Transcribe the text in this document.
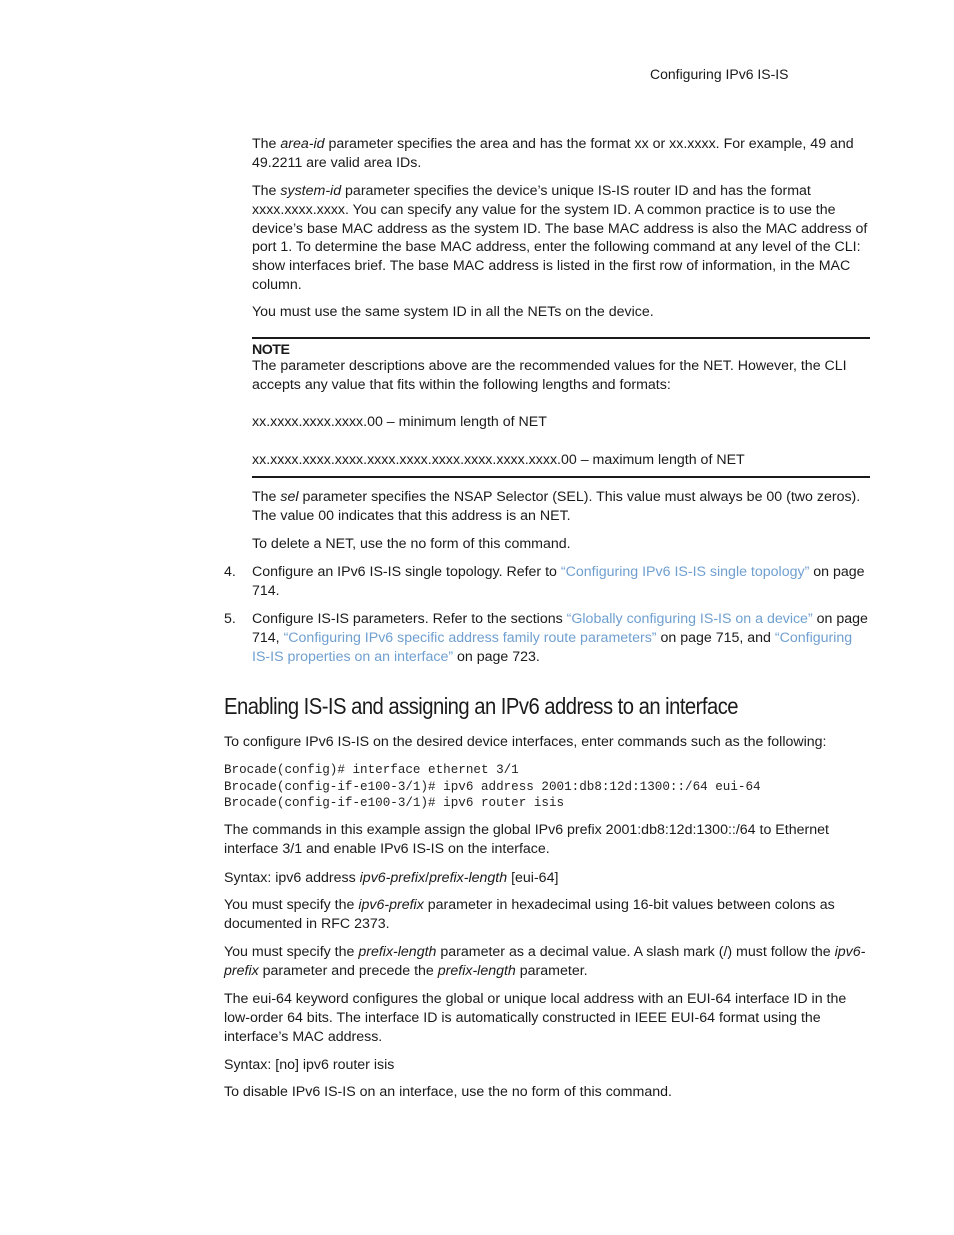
Configuring IPv6 IS-IS

The area-id parameter specifies the area and has the format xx or xx.xxxx. For example, 49 and 49.2211 are valid area IDs.

The system-id parameter specifies the device’s unique IS-IS router ID and has the format xxxx.xxxx.xxxx. You can specify any value for the system ID. A common practice is to use the device’s base MAC address as the system ID. The base MAC address is also the MAC address of port 1. To determine the base MAC address, enter the following command at any level of the CLI: show interfaces brief. The base MAC address is listed in the first row of information, in the MAC column.

You must use the same system ID in all the NETs on the device.

NOTE

The parameter descriptions above are the recommended values for the NET. However, the CLI accepts any value that fits within the following lengths and formats:

xx.xxxx.xxxx.xxxx.00 – minimum length of NET

xx.xxxx.xxxx.xxxx.xxxx.xxxx.xxxx.xxxx.xxxx.xxxx.00 – maximum length of NET

The sel parameter specifies the NSAP Selector (SEL). This value must always be 00 (two zeros). The value 00 indicates that this address is an NET.

To delete a NET, use the no form of this command.

4.	Configure an IPv6 IS-IS single topology. Refer to “Configuring IPv6 IS-IS single topology” on page 714.

5.	Configure IS-IS parameters. Refer to the sections “Globally configuring IS-IS on a device” on page 714, “Configuring IPv6 specific address family route parameters” on page 715, and “Configuring IS-IS properties on an interface” on page 723.

Enabling IS-IS and assigning an IPv6 address to an interface

To configure IPv6 IS-IS on the desired device interfaces, enter commands such as the following:

Brocade(config)# interface ethernet 3/1
Brocade(config-if-e100-3/1)# ipv6 address 2001:db8:12d:1300::/64 eui-64
Brocade(config-if-e100-3/1)# ipv6 router isis

The commands in this example assign the global IPv6 prefix 2001:db8:12d:1300::/64 to Ethernet interface 3/1 and enable IPv6 IS-IS on the interface.

Syntax: ipv6 address ipv6-prefix/prefix-length [eui-64]

You must specify the ipv6-prefix parameter in hexadecimal using 16-bit values between colons as documented in RFC 2373.

You must specify the prefix-length parameter as a decimal value. A slash mark (/) must follow the ipv6-prefix parameter and precede the prefix-length parameter.

The eui-64 keyword configures the global or unique local address with an EUI-64 interface ID in the low-order 64 bits. The interface ID is automatically constructed in IEEE EUI-64 format using the interface’s MAC address.

Syntax: [no] ipv6 router isis

To disable IPv6 IS-IS on an interface, use the no form of this command.
